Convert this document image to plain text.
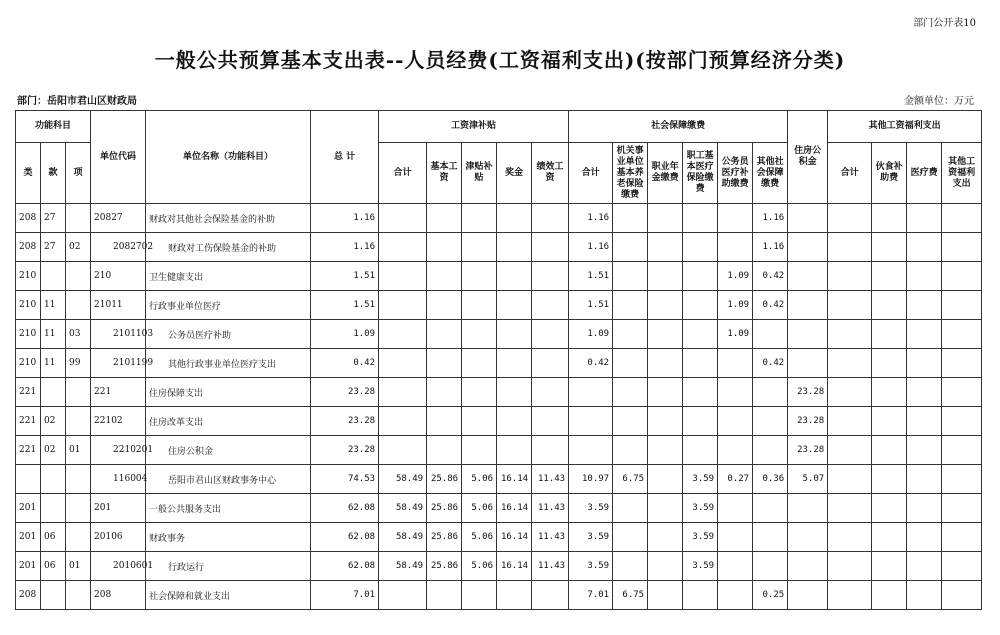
部门公开表10
一般公共预算基本支出表--人员经费(工资福利支出)(按部门预算经济分类)
部门：岳阳市君山区财政局	金额单位：万元
功能科目			单位代码	单位名称（功能科目）	总 计	工资津补贴					社会保障缴费						住房公积金	其他工资福利支出			
类	款	项				合计	基本工资	津贴补贴	奖金	绩效工资	合计	机关事业单位基本养老保险缴费	职业年金缴费	职工基本医疗保险缴费	公务员医疗补助缴费	其他社会保障缴费		合计	伙食补助费	医疗费	其他工资福利支出
208	27		20827	财政对其他社会保险基金的补助	1.16						1.16					1.16					
208	27	02	2082702	财政对工伤保险基金的补助	1.16						1.16					1.16					
210			210	卫生健康支出	1.51						1.51				1.09	0.42					
210	11		21011	行政事业单位医疗	1.51						1.51				1.09	0.42					
210	11	03	2101103	公务员医疗补助	1.09						1.09				1.09						
210	11	99	2101199	其他行政事业单位医疗支出	0.42						0.42					0.42					
221			221	住房保障支出	23.28												23.28				
221	02		22102	住房改革支出	23.28												23.28				
221	02	01	2210201	住房公积金	23.28												23.28				
			116004	岳阳市君山区财政事务中心	74.53	58.49	25.86	5.06	16.14	11.43	10.97	6.75		3.59	0.27	0.36	5.07				
201			201	一般公共服务支出	62.08	58.49	25.86	5.06	16.14	11.43	3.59			3.59							
201	06		20106	财政事务	62.08	58.49	25.86	5.06	16.14	11.43	3.59			3.59							
201	06	01	2010601	行政运行	62.08	58.49	25.86	5.06	16.14	11.43	3.59			3.59							
208			208	社会保障和就业支出	7.01						7.01	6.75				0.25					
